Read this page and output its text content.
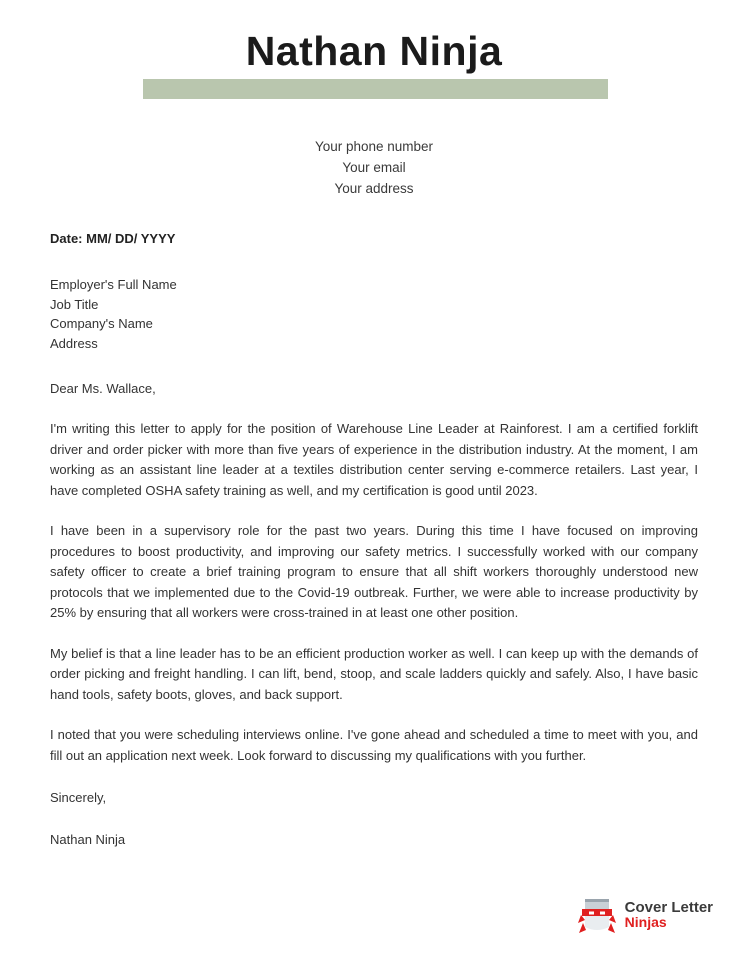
Nathan Ninja
Your phone number
Your email
Your address
Date: MM/ DD/ YYYY
Employer's Full Name
Job Title
Company's Name
Address
Dear Ms. Wallace,

I'm writing this letter to apply for the position of Warehouse Line Leader at Rainforest. I am a certified forklift driver and order picker with more than five years of experience in the distribution industry. At the moment, I am working as an assistant line leader at a textiles distribution center serving e-commerce retailers. Last year, I have completed OSHA safety training as well, and my certification is good until 2023.

I have been in a supervisory role for the past two years. During this time I have focused on improving procedures to boost productivity, and improving our safety metrics. I successfully worked with our company safety officer to create a brief training program to ensure that all shift workers thoroughly understood new protocols that we implemented due to the Covid-19 outbreak. Further, we were able to increase productivity by 25% by ensuring that all workers were cross-trained in at least one other position.

My belief is that a line leader has to be an efficient production worker as well. I can keep up with the demands of order picking and freight handling. I can lift, bend, stoop, and scale ladders quickly and safely. Also, I have basic hand tools, safety boots, gloves, and back support.

I noted that you were scheduling interviews online. I've gone ahead and scheduled a time to meet with you, and fill out an application next week. Look forward to discussing my qualifications with you further.

Sincerely,
Nathan Ninja
Cover Letter
Ninjas
